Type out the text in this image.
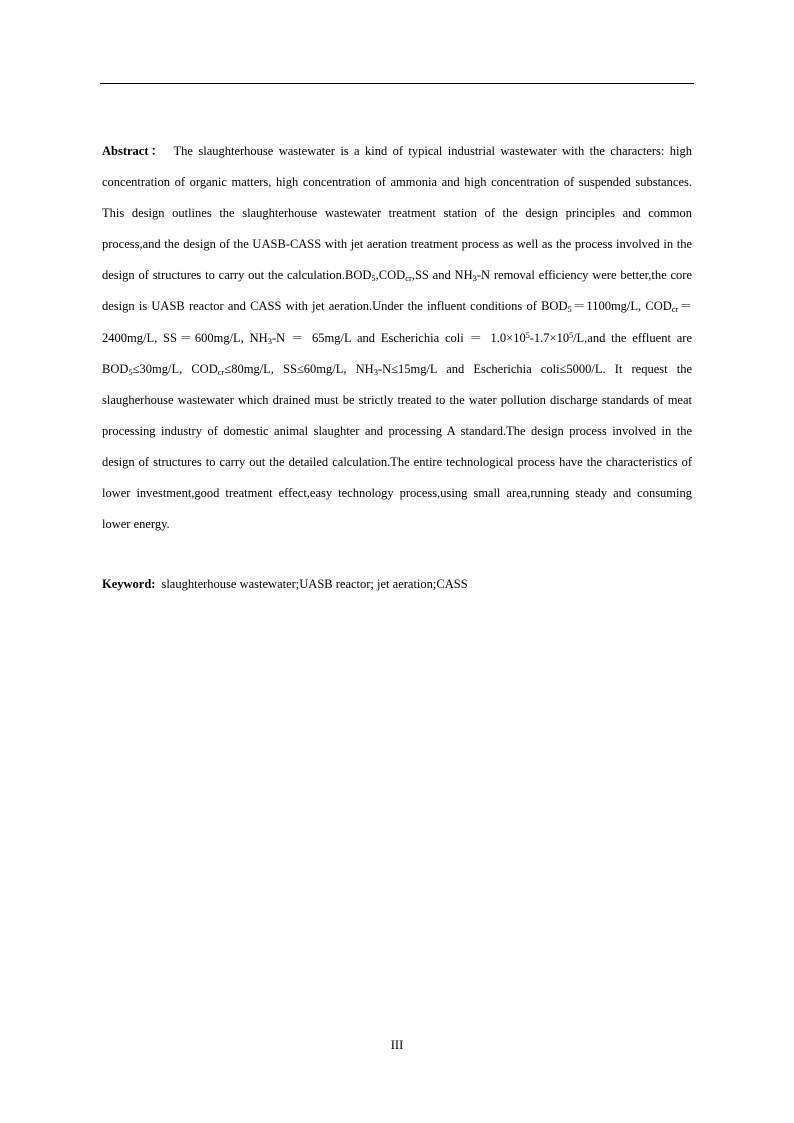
Abstract： The slaughterhouse wastewater is a kind of typical industrial wastewater with the characters: high concentration of organic matters, high concentration of ammonia and high concentration of suspended substances. This design outlines the slaughterhouse wastewater treatment station of the design principles and common process,and the design of the UASB-CASS with jet aeration treatment process as well as the process involved in the design of structures to carry out the $calculation.BOD_5,COD_{cr},SS$ and $NH_3-N$ removal efficiency were better,the core design is UASB reactor and CASS with jet aeration.Under the influent conditions of $BOD_5=1100mg/L$, $COD_{cr}=2400mg/L$, SS＝600mg/L, $NH_3-N = 65mg/L$ and Escherichia coli ＝ $1.0\times 10^5-1.7\times 10^5/L,and$ the effluent are $BOD_5\le 30mg/L$, $COD_{cr}\le 80mg/L$, SS≤60mg/L, $NH_3-N\le 15mg/L$ and Escherichia coli≤5000/L. It request the slaugherhouse wastewater which drained must be strictly treated to the water pollution discharge standards of meat processing industry of domestic animal slaughter and processing A standard.The design process involved in the design of structures to carry out the detailed calculation.The entire technological process have the characteristics of lower investment,good treatment effect,easy technology process,using small area,running steady and consuming lower energy.

Keyword: slaughterhouse wastewater;UASB reactor; jet aeration;CASS
III
